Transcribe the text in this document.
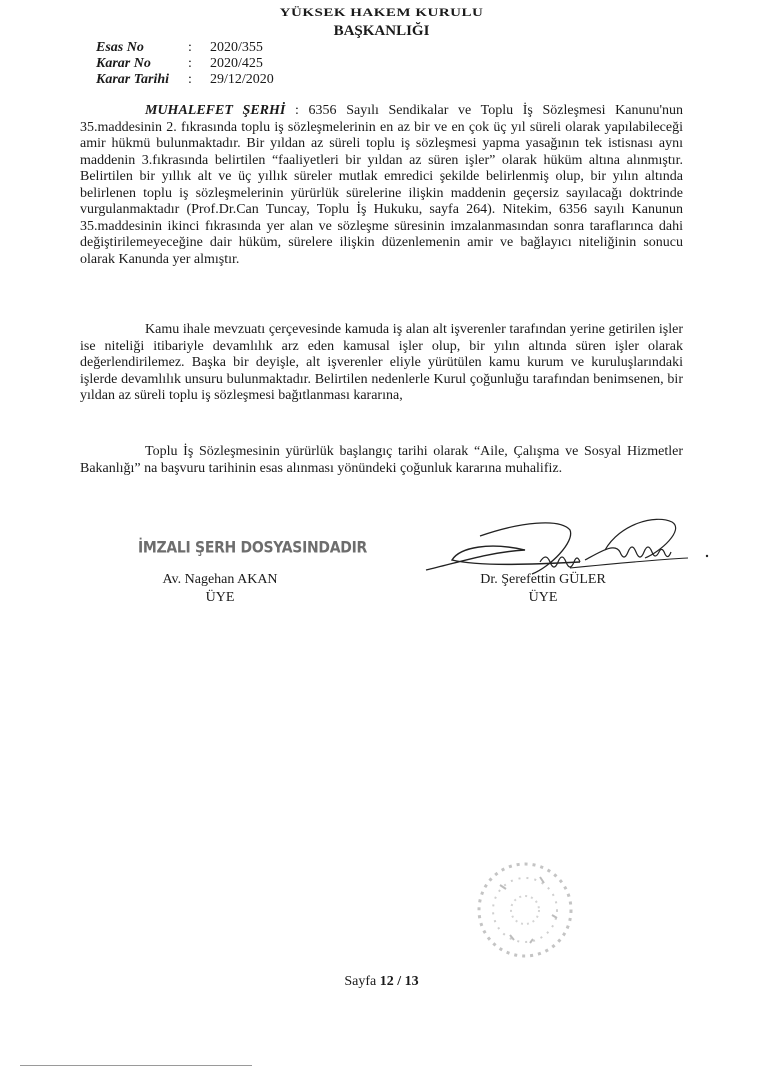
YÜKSEK HAKEM KURULU
BAŞKANLIĞI
Esas No	:	2020/355
Karar No	:	2020/425
Karar Tarihi	:	29/12/2020

MUHALEFET ŞERHİ : 6356 Sayılı Sendikalar ve Toplu İş Sözleşmesi Kanunu'nun 35.maddesinin 2. fıkrasında toplu iş sözleşmelerinin en az bir ve en çok üç yıl süreli olarak yapılabileceği amir hükmü bulunmaktadır. Bir yıldan az süreli toplu iş sözleşmesi yapma yasağının tek istisnası aynı maddenin 3.fıkrasında belirtilen “faaliyetleri bir yıldan az süren işler” olarak hüküm altına alınmıştır. Belirtilen bir yıllık alt ve üç yıllık süreler mutlak emredici şekilde belirlenmiş olup, bir yılın altında belirlenen toplu iş sözleşmelerinin yürürlük sürelerine ilişkin maddenin geçersiz sayılacağı doktrinde vurgulanmaktadır (Prof.Dr.Can Tuncay, Toplu İş Hukuku, sayfa 264). Nitekim, 6356 sayılı Kanunun 35.maddesinin ikinci fıkrasında yer alan ve sözleşme süresinin imzalanmasından sonra taraflarınca dahi değiştirilemeyeceğine dair hüküm, sürelere ilişkin düzenlemenin amir ve bağlayıcı niteliğinin sonucu olarak Kanunda yer almıştır.

Kamu ihale mevzuatı çerçevesinde kamuda iş alan alt işverenler tarafından yerine getirilen işler ise niteliği itibariyle devamlılık arz eden kamusal işler olup, bir yılın altında süren işler olarak değerlendirilemez. Başka bir deyişle, alt işverenler eliyle yürütülen kamu kurum ve kuruluşlarındaki işlerde devamlılık unsuru bulunmaktadır. Belirtilen nedenlerle Kurul çoğunluğu tarafından benimsenen, bir yıldan az süreli toplu iş sözleşmesi bağıtlanması kararına,

Toplu İş Sözleşmesinin yürürlük başlangıç tarihi olarak “Aile, Çalışma ve Sosyal Hizmetler Bakanlığı” na başvuru tarihinin esas alınması yönündeki çoğunluk kararına muhalifiz.

İMZALI ŞERH DOSYASINDADIR
Av. Nagehan AKAN
ÜYE
Dr. Şerefettin GÜLER
ÜYE
Sayfa 12 / 13
